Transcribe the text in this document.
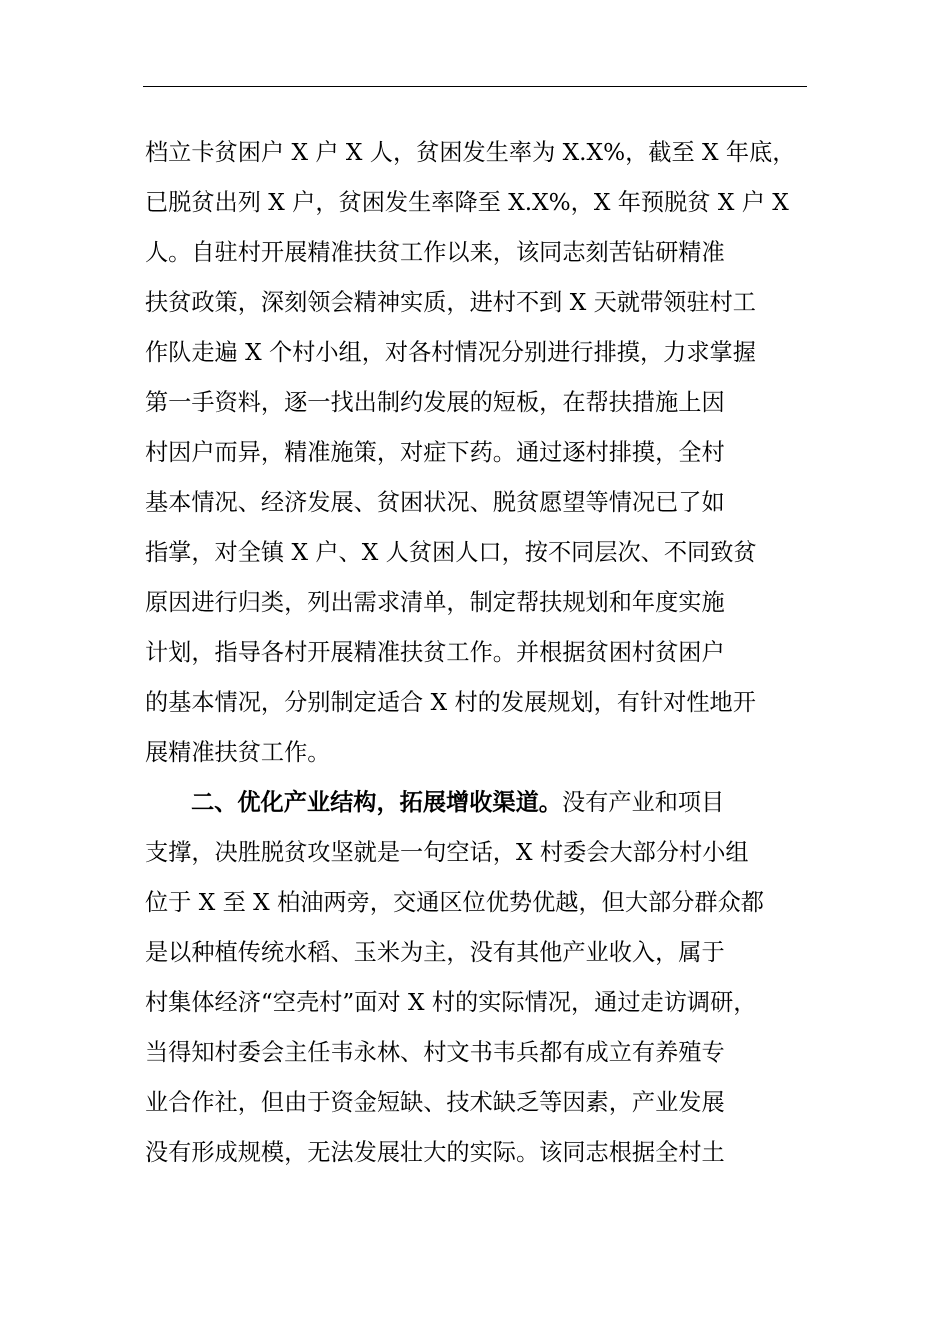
档立卡贫困户 X 户 X 人，贫困发生率为 X.X%，截至 X 年底，
已脱贫出列 X 户，贫困发生率降至 X.X%，X 年预脱贫 X 户 X
人。自驻村开展精准扶贫工作以来，该同志刻苦钻研精准
扶贫政策，深刻领会精神实质，进村不到 X 天就带领驻村工
作队走遍 X 个村小组，对各村情况分别进行排摸，力求掌握
第一手资料，逐一找出制约发展的短板，在帮扶措施上因
村因户而异，精准施策，对症下药。通过逐村排摸，全村
基本情况、经济发展、贫困状况、脱贫愿望等情况已了如
指掌，对全镇 X 户、X 人贫困人口，按不同层次、不同致贫
原因进行归类，列出需求清单，制定帮扶规划和年度实施
计划，指导各村开展精准扶贫工作。并根据贫困村贫困户
的基本情况，分别制定适合 X 村的发展规划，有针对性地开
展精准扶贫工作。
二、优化产业结构，拓展增收渠道。没有产业和项目
支撑，决胜脱贫攻坚就是一句空话，X 村委会大部分村小组
位于 X 至 X 柏油两旁，交通区位优势优越，但大部分群众都
是以种植传统水稻、玉米为主，没有其他产业收入，属于
村集体经济“空壳村”面对 X 村的实际情况，通过走访调研，
当得知村委会主任韦永林、村文书韦兵都有成立有养殖专
业合作社，但由于资金短缺、技术缺乏等因素，产业发展
没有形成规模，无法发展壮大的实际。该同志根据全村土
